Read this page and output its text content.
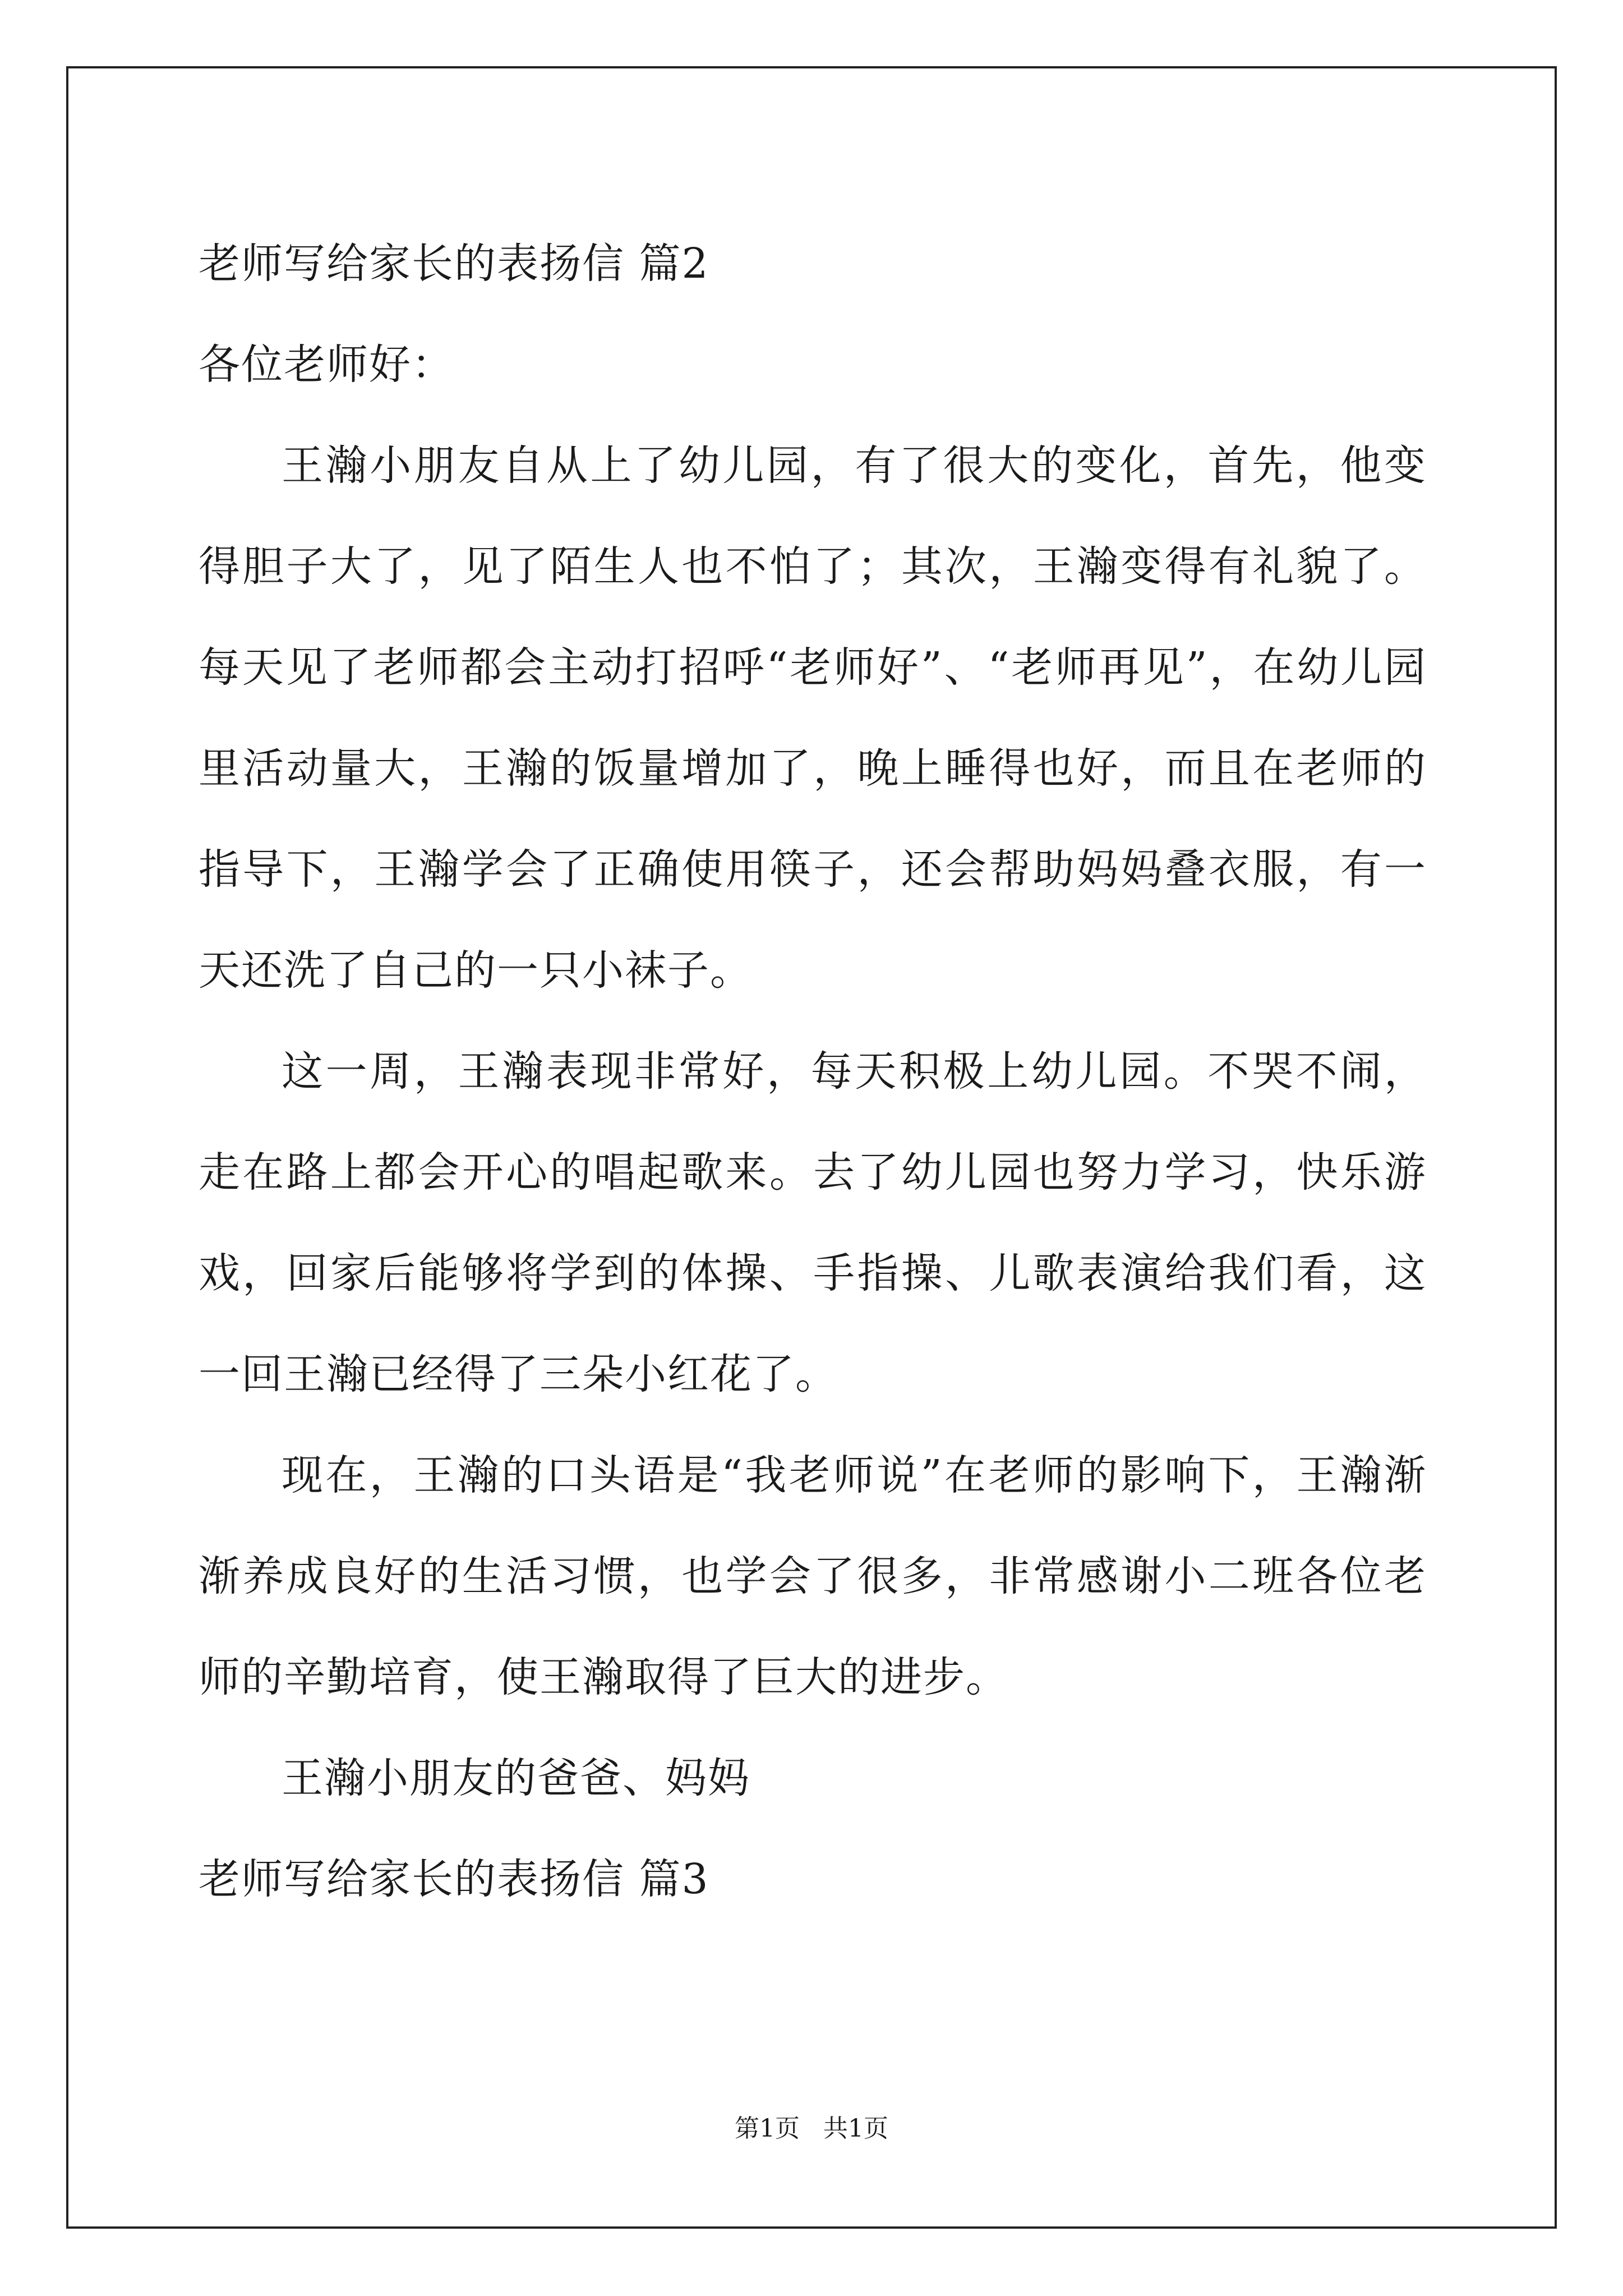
老师写给家长的表扬信 篇2
各位老师好：
王瀚小朋友自从上了幼儿园，有了很大的变化，首先，他变得胆子大了，见了陌生人也不怕了；其次，王瀚变得有礼貌了。每天见了老师都会主动打招呼“老师好”、“老师再见”，在幼儿园里活动量大，王瀚的饭量增加了，晚上睡得也好，而且在老师的指导下，王瀚学会了正确使用筷子，还会帮助妈妈叠衣服，有一天还洗了自己的一只小袜子。
这一周，王瀚表现非常好，每天积极上幼儿园。不哭不闹，走在路上都会开心的唱起歌来。去了幼儿园也努力学习，快乐游戏，回家后能够将学到的体操、手指操、儿歌表演给我们看，这一回王瀚已经得了三朵小红花了。
现在，王瀚的口头语是“我老师说”在老师的影响下，王瀚渐渐养成良好的生活习惯，也学会了很多，非常感谢小二班各位老师的辛勤培育，使王瀚取得了巨大的进步。
王瀚小朋友的爸爸、妈妈
老师写给家长的表扬信 篇3
第1页   共1页
